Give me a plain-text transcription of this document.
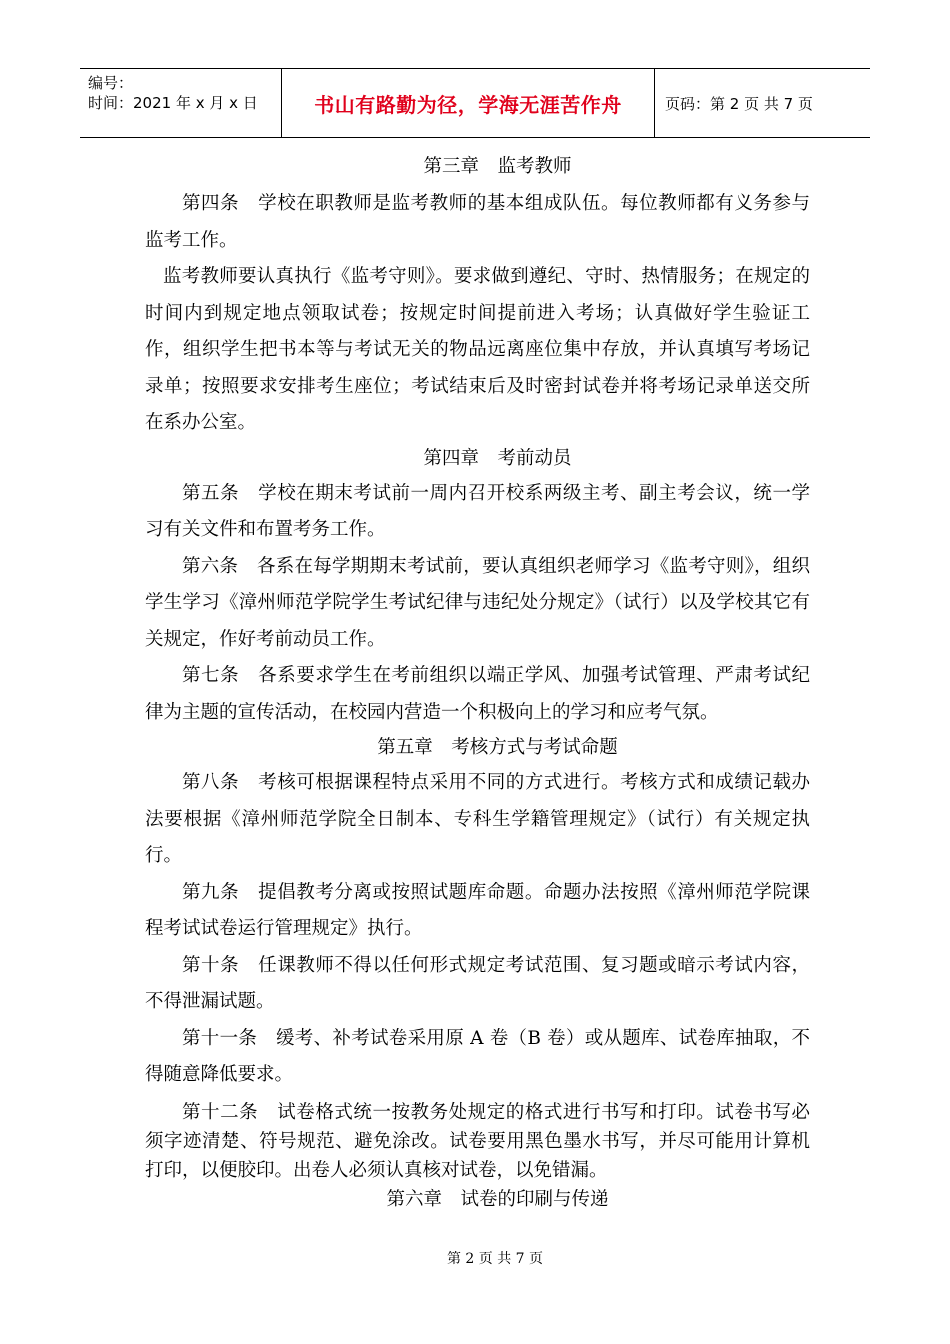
编号：
时间：2021 年 x 月 x 日	书山有路勤为径，学海无涯苦作舟	页码：第 2 页 共 7 页

第三章　监考教师

第四条　学校在职教师是监考教师的基本组成队伍。每位教师都有义务参与监考工作。

监考教师要认真执行《监考守则》。要求做到遵纪、守时、热情服务；在规定的时间内到规定地点领取试卷；按规定时间提前进入考场；认真做好学生验证工作，组织学生把书本等与考试无关的物品远离座位集中存放，并认真填写考场记录单；按照要求安排考生座位；考试结束后及时密封试卷并将考场记录单送交所在系办公室。

第四章　考前动员

第五条　学校在期末考试前一周内召开校系两级主考、副主考会议，统一学习有关文件和布置考务工作。

第六条　各系在每学期期末考试前，要认真组织老师学习《监考守则》，组织学生学习《漳州师范学院学生考试纪律与违纪处分规定》（试行）以及学校其它有关规定，作好考前动员工作。

第七条　各系要求学生在考前组织以端正学风、加强考试管理、严肃考试纪律为主题的宣传活动，在校园内营造一个积极向上的学习和应考气氛。

第五章　考核方式与考试命题

第八条　考核可根据课程特点采用不同的方式进行。考核方式和成绩记载办法要根据《漳州师范学院全日制本、专科生学籍管理规定》（试行）有关规定执行。

第九条　提倡教考分离或按照试题库命题。命题办法按照《漳州师范学院课程考试试卷运行管理规定》执行。

第十条　任课教师不得以任何形式规定考试范围、复习题或暗示考试内容，不得泄漏试题。

第十一条　缓考、补考试卷采用原 A 卷（B 卷）或从题库、试卷库抽取，不得随意降低要求。

第十二条　试卷格式统一按教务处规定的格式进行书写和打印。试卷书写必须字迹清楚、符号规范、避免涂改。试卷要用黑色墨水书写，并尽可能用计算机打印，以便胶印。出卷人必须认真核对试卷，以免错漏。

第六章　试卷的印刷与传递

第 2 页 共 7 页
